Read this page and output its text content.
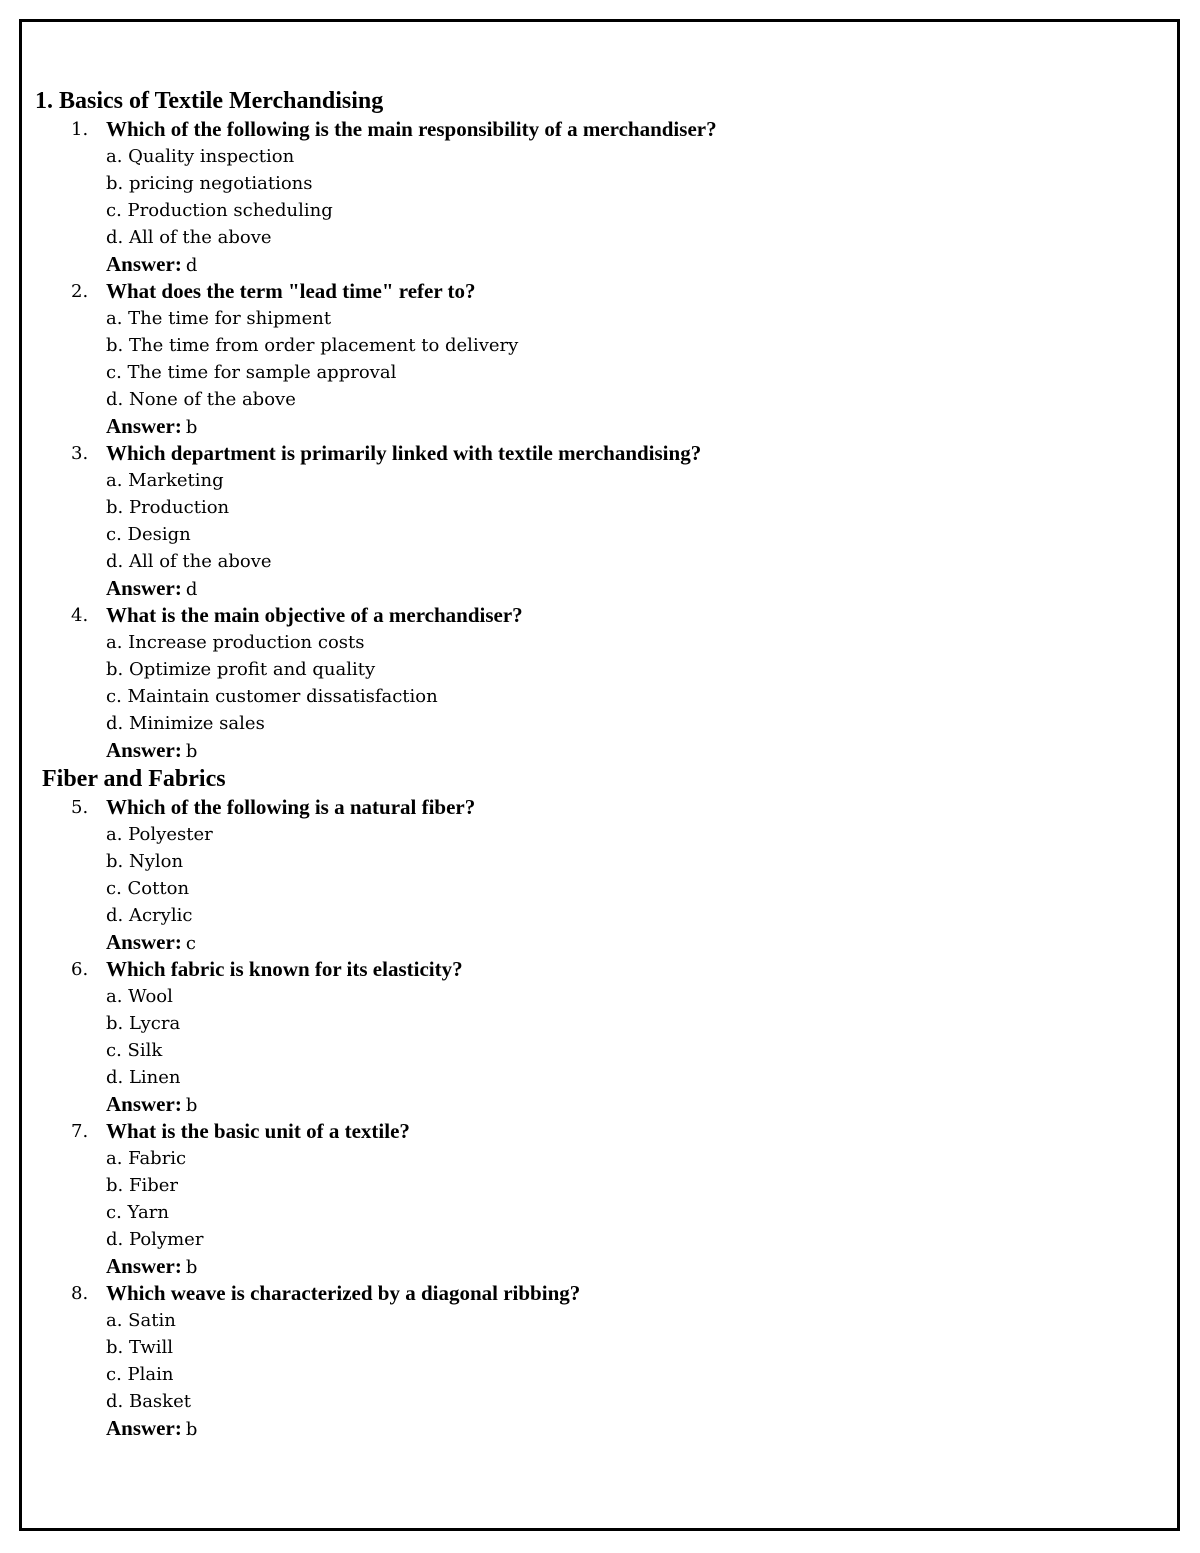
1. Basics of Textile Merchandising
1. Which of the following is the main responsibility of a merchandiser?
a. Quality inspection
b. pricing negotiations
c. Production scheduling
d. All of the above
Answer: d
2. What does the term "lead time" refer to?
a. The time for shipment
b. The time from order placement to delivery
c. The time for sample approval
d. None of the above
Answer: b
3. Which department is primarily linked with textile merchandising?
a. Marketing
b. Production
c. Design
d. All of the above
Answer: d
4. What is the main objective of a merchandiser?
a. Increase production costs
b. Optimize profit and quality
c. Maintain customer dissatisfaction
d. Minimize sales
Answer: b
Fiber and Fabrics
5. Which of the following is a natural fiber?
a. Polyester
b. Nylon
c. Cotton
d. Acrylic
Answer: c
6. Which fabric is known for its elasticity?
a. Wool
b. Lycra
c. Silk
d. Linen
Answer: b
7. What is the basic unit of a textile?
a. Fabric
b. Fiber
c. Yarn
d. Polymer
Answer: b
8. Which weave is characterized by a diagonal ribbing?
a. Satin
b. Twill
c. Plain
d. Basket
Answer: b
